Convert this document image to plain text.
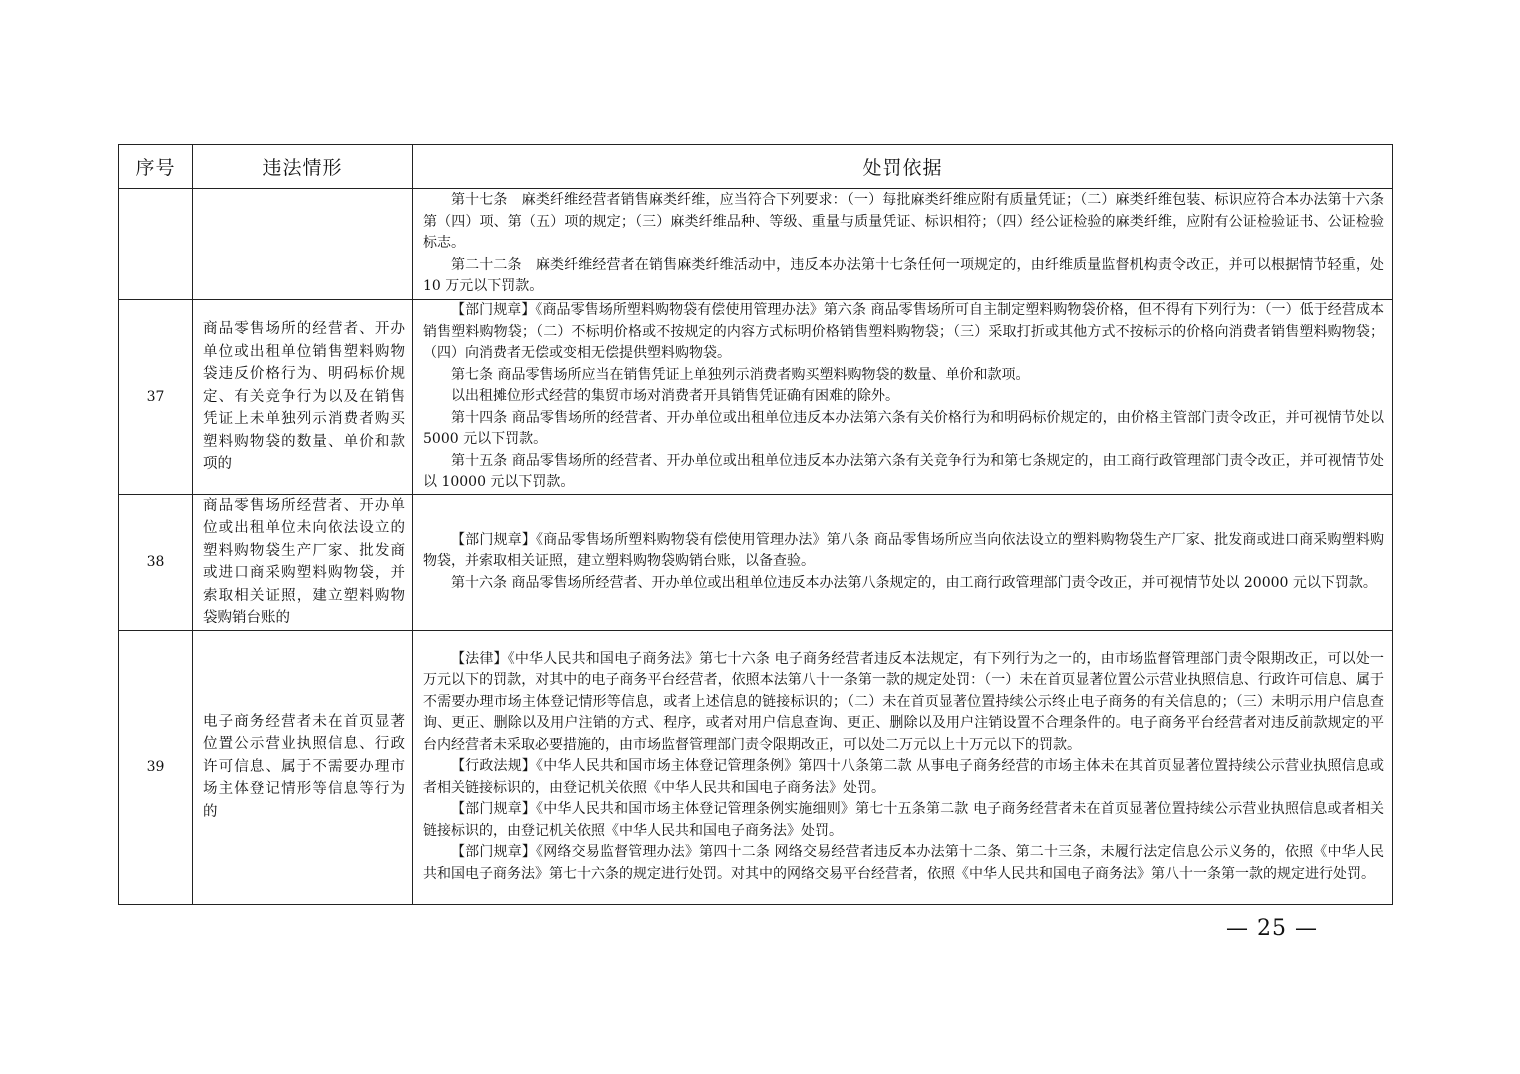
序号	违法情形	处罚依据

		第十七条　麻类纤维经营者销售麻类纤维，应当符合下列要求：（一）每批麻类纤维应附有质量凭证；（二）麻类纤维包装、标识应符合本办法第十六条第（四）项、第（五）项的规定；（三）麻类纤维品种、等级、重量与质量凭证、标识相符；（四）经公证检验的麻类纤维，应附有公证检验证书、公证检验标志。

第二十二条　麻类纤维经营者在销售麻类纤维活动中，违反本办法第十七条任何一项规定的，由纤维质量监督机构责令改正，并可以根据情节轻重，处 10 万元以下罚款。

37	商品零售场所的经营者、开办单位或出租单位销售塑料购物袋违反价格行为、明码标价规定、有关竞争行为以及在销售凭证上未单独列示消费者购买塑料购物袋的数量、单价和款项的	【部门规章】《商品零售场所塑料购物袋有偿使用管理办法》第六条 商品零售场所可自主制定塑料购物袋价格，但不得有下列行为：（一）低于经营成本销售塑料购物袋；（二）不标明价格或不按规定的内容方式标明价格销售塑料购物袋；（三）采取打折或其他方式不按标示的价格向消费者销售塑料购物袋；（四）向消费者无偿或变相无偿提供塑料购物袋。

第七条 商品零售场所应当在销售凭证上单独列示消费者购买塑料购物袋的数量、单价和款项。

以出租摊位形式经营的集贸市场对消费者开具销售凭证确有困难的除外。

第十四条 商品零售场所的经营者、开办单位或出租单位违反本办法第六条有关价格行为和明码标价规定的，由价格主管部门责令改正，并可视情节处以 5000 元以下罚款。

第十五条 商品零售场所的经营者、开办单位或出租单位违反本办法第六条有关竞争行为和第七条规定的，由工商行政管理部门责令改正，并可视情节处以 10000 元以下罚款。

38	商品零售场所经营者、开办单位或出租单位未向依法设立的塑料购物袋生产厂家、批发商或进口商采购塑料购物袋，并索取相关证照，建立塑料购物袋购销台账的	【部门规章】《商品零售场所塑料购物袋有偿使用管理办法》第八条 商品零售场所应当向依法设立的塑料购物袋生产厂家、批发商或进口商采购塑料购物袋，并索取相关证照，建立塑料购物袋购销台账，以备查验。

第十六条 商品零售场所经营者、开办单位或出租单位违反本办法第八条规定的，由工商行政管理部门责令改正，并可视情节处以 20000 元以下罚款。

39	电子商务经营者未在首页显著位置公示营业执照信息、行政许可信息、属于不需要办理市场主体登记情形等信息等行为的	【法律】《中华人民共和国电子商务法》第七十六条 电子商务经营者违反本法规定，有下列行为之一的，由市场监督管理部门责令限期改正，可以处一万元以下的罚款，对其中的电子商务平台经营者，依照本法第八十一条第一款的规定处罚：（一）未在首页显著位置公示营业执照信息、行政许可信息、属于不需要办理市场主体登记情形等信息，或者上述信息的链接标识的；（二）未在首页显著位置持续公示终止电子商务的有关信息的；（三）未明示用户信息查询、更正、删除以及用户注销的方式、程序，或者对用户信息查询、更正、删除以及用户注销设置不合理条件的。电子商务平台经营者对违反前款规定的平台内经营者未采取必要措施的，由市场监督管理部门责令限期改正，可以处二万元以上十万元以下的罚款。

【行政法规】《中华人民共和国市场主体登记管理条例》第四十八条第二款 从事电子商务经营的市场主体未在其首页显著位置持续公示营业执照信息或者相关链接标识的，由登记机关依照《中华人民共和国电子商务法》处罚。

【部门规章】《中华人民共和国市场主体登记管理条例实施细则》第七十五条第二款 电子商务经营者未在首页显著位置持续公示营业执照信息或者相关链接标识的，由登记机关依照《中华人民共和国电子商务法》处罚。

【部门规章】《网络交易监督管理办法》第四十二条 网络交易经营者违反本办法第十二条、第二十三条，未履行法定信息公示义务的，依照《中华人民共和国电子商务法》第七十六条的规定进行处罚。对其中的网络交易平台经营者，依照《中华人民共和国电子商务法》第八十一条第一款的规定进行处罚。

— 25 —
